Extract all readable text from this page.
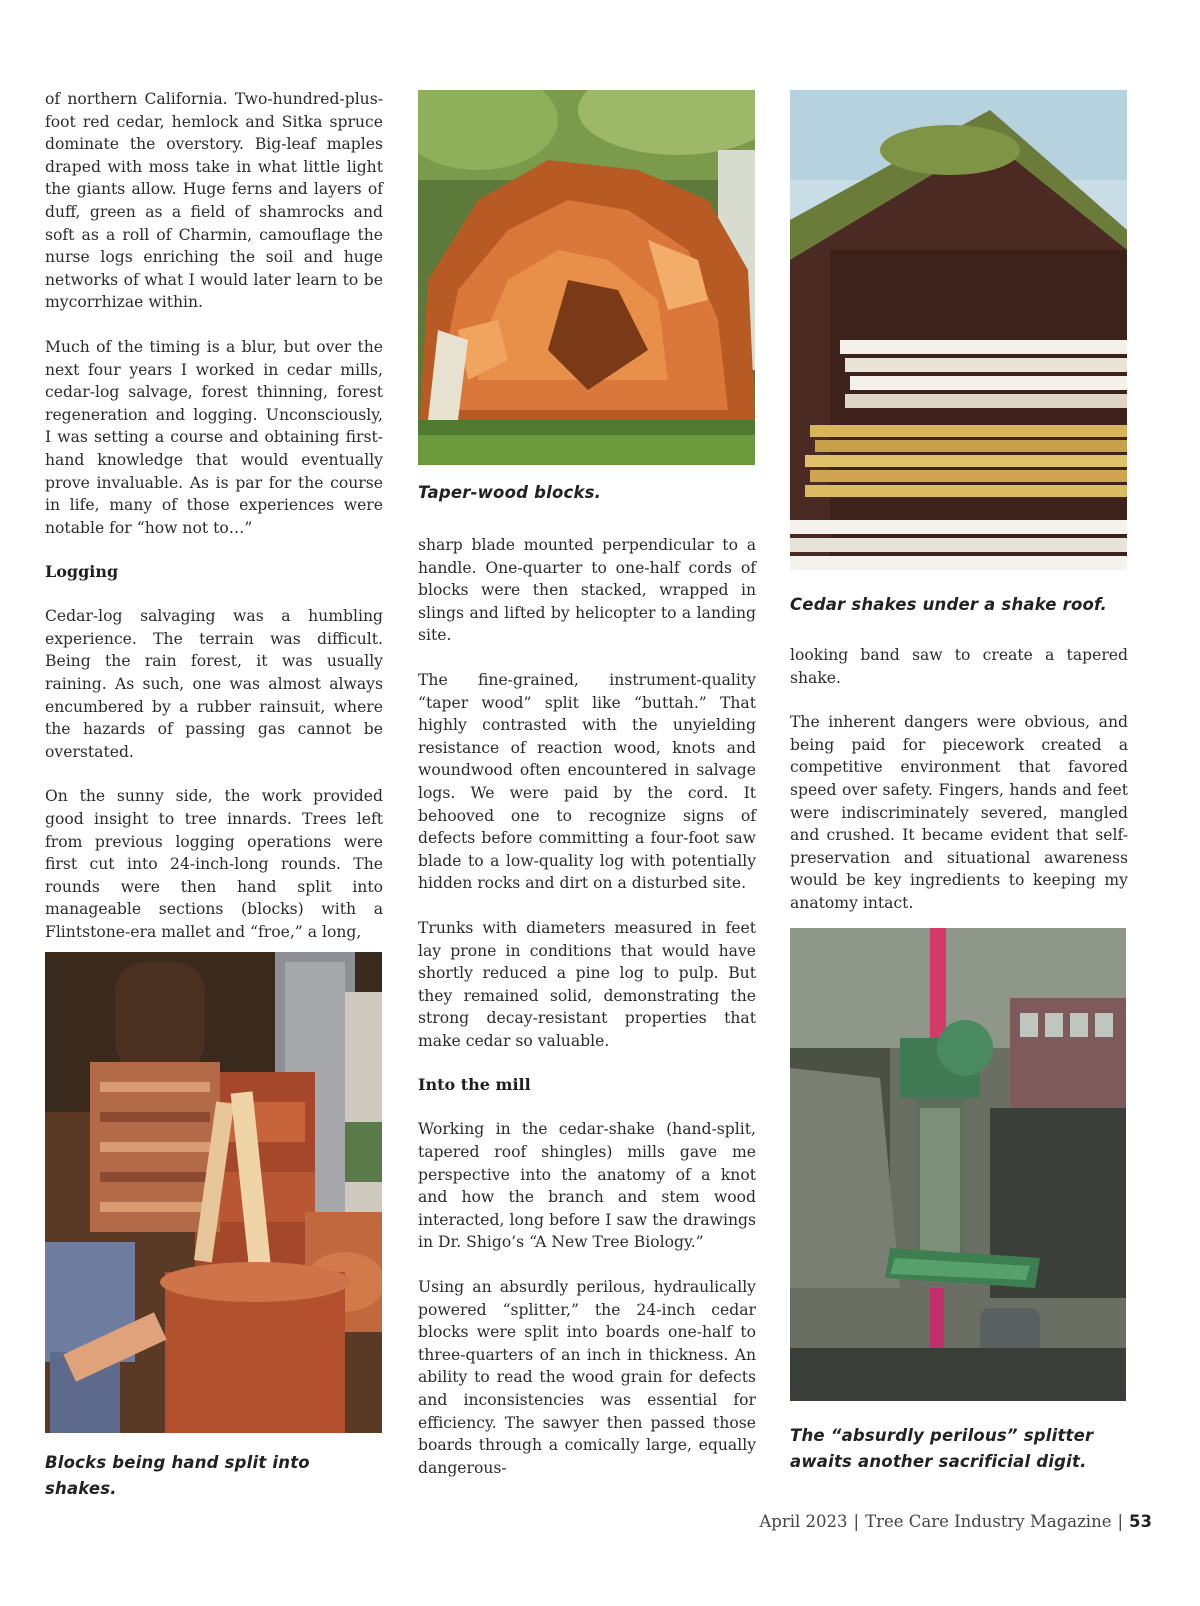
of northern California. Two-hundred-plus-foot red cedar, hemlock and Sitka spruce dominate the overstory. Big-leaf maples draped with moss take in what little light the giants allow. Huge ferns and layers of duff, green as a field of shamrocks and soft as a roll of Charmin, camouflage the nurse logs enriching the soil and huge networks of what I would later learn to be mycorrhizae within.

Much of the timing is a blur, but over the next four years I worked in cedar mills, cedar-log salvage, forest thinning, forest regeneration and logging. Unconsciously, I was setting a course and obtaining first-hand knowledge that would eventually prove invaluable. As is par for the course in life, many of those experiences were notable for “how not to…”

Logging

Cedar-log salvaging was a humbling experience. The terrain was difficult. Being the rain forest, it was usually raining. As such, one was almost always encumbered by a rubber rainsuit, where the hazards of passing gas cannot be overstated.

On the sunny side, the work provided good insight to tree innards. Trees left from previous logging operations were first cut into 24-inch-long rounds. The rounds were then hand split into manageable sections (blocks) with a Flintstone-era mallet and “froe,” a long,

Blocks being hand split into shakes.
Taper-wood blocks.

sharp blade mounted perpendicular to a handle. One-quarter to one-half cords of blocks were then stacked, wrapped in slings and lifted by helicopter to a landing site.

The fine-grained, instrument-quality “taper wood” split like “buttah.” That highly contrasted with the unyielding resistance of reaction wood, knots and woundwood often encountered in salvage logs. We were paid by the cord. It behooved one to recognize signs of defects before committing a four-foot saw blade to a low-quality log with potentially hidden rocks and dirt on a disturbed site.

Trunks with diameters measured in feet lay prone in conditions that would have shortly reduced a pine log to pulp. But they remained solid, demonstrating the strong decay-resistant properties that make cedar so valuable.

Into the mill

Working in the cedar-shake (hand-split, tapered roof shingles) mills gave me perspective into the anatomy of a knot and how the branch and stem wood interacted, long before I saw the drawings in Dr. Shigo’s “A New Tree Biology.”

Using an absurdly perilous, hydraulically powered “splitter,” the 24-inch cedar blocks were split into boards one-half to three-quarters of an inch in thickness. An ability to read the wood grain for defects and inconsistencies was essential for efficiency. The sawyer then passed those boards through a comically large, equally dangerous-

Cedar shakes under a shake roof.

looking band saw to create a tapered shake.

The inherent dangers were obvious, and being paid for piecework created a competitive environment that favored speed over safety. Fingers, hands and feet were indiscriminately severed, mangled and crushed. It became evident that self-preservation and situational awareness would be key ingredients to keeping my anatomy intact.

The “absurdly perilous” splitter awaits another sacrificial digit.
April 2023 | Tree Care Industry Magazine | 53
